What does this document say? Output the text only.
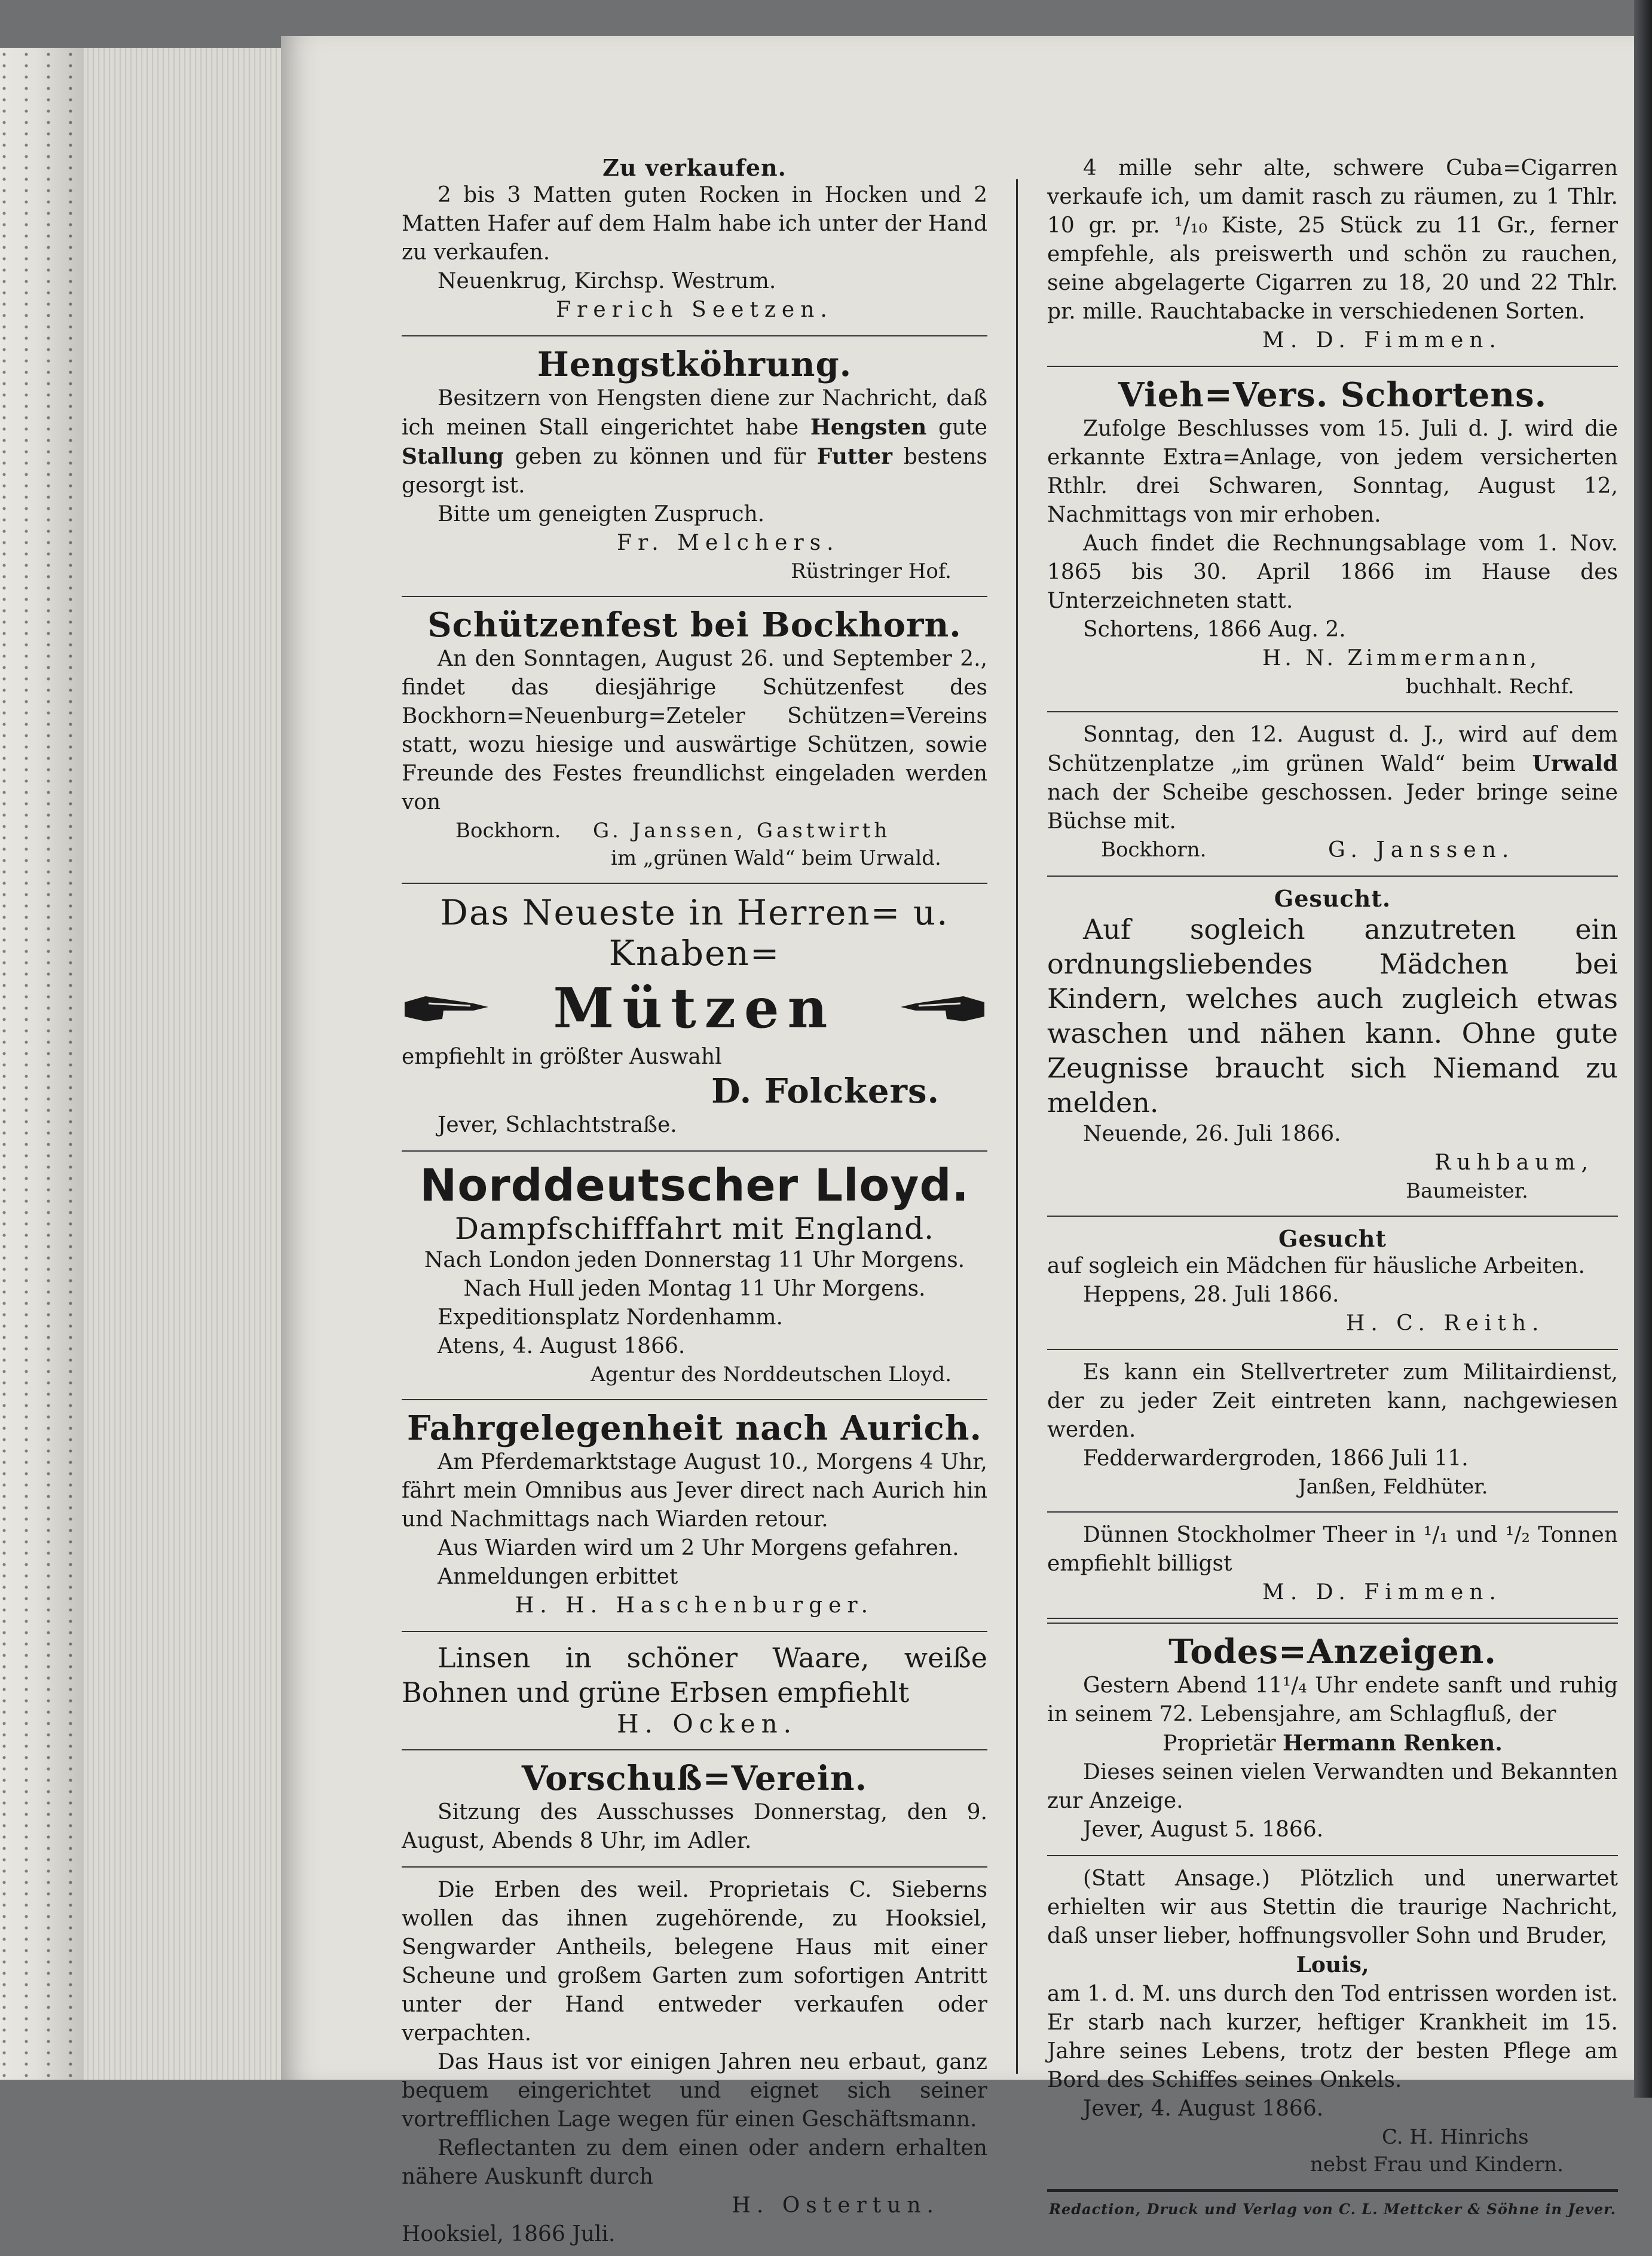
Zu verkaufen.

2 bis 3 Matten guten Rocken in Hocken und 2 Matten Hafer auf dem Halm habe ich unter der Hand zu verkaufen.

Neuenkrug, Kirchsp. Westrum.

Frerich Seetzen.
Hengstköhrung.

Besitzern von Hengsten diene zur Nachricht, daß ich meinen Stall eingerichtet habe Hengsten gute Stallung geben zu können und für Futter bestens gesorgt ist.

Bitte um geneigten Zuspruch.

Fr. Melchers.
Rüstringer Hof.
Schützenfest bei Bockhorn.

An den Sonntagen, August 26. und September 2., findet das diesjährige Schützenfest des Bockhorn=Neuenburg=Zeteler Schützen=Vereins statt, wozu hiesige und auswärtige Schützen, sowie Freunde des Festes freundlichst eingeladen werden von

Bockhorn.	G. Janssen, Gastwirth
im „grünen Wald“ beim Urwald.
Das Neueste in Herren= u. Knaben=
Mützen

empfiehlt in größter Auswahl

D. Folckers.

Jever, Schlachtstraße.

Norddeutscher Lloyd.
Dampfschifffahrt mit England.

Nach London jeden Donnerstag 11 Uhr Morgens.

Nach Hull jeden Montag 11 Uhr Morgens.

Expeditionsplatz Nordenhamm.

Atens, 4. August 1866.

Agentur des Norddeutschen Lloyd.
Fahrgelegenheit nach Aurich.

Am Pferdemarktstage August 10., Morgens 4 Uhr, fährt mein Omnibus aus Jever direct nach Aurich hin und Nachmittags nach Wiarden retour.

Aus Wiarden wird um 2 Uhr Morgens gefahren.

Anmeldungen erbittet

H. H. Haschenburger.

Linsen in schöner Waare, weiße Bohnen und grüne Erbsen empfiehlt

H. Ocken.
Vorschuß=Verein.

Sitzung des Ausschusses Donnerstag, den 9. August, Abends 8 Uhr, im Adler.

Die Erben des weil. Proprietais C. Sieberns wollen das ihnen zugehörende, zu Hooksiel, Sengwarder Antheils, belegene Haus mit einer Scheune und großem Garten zum sofortigen Antritt unter der Hand entweder verkaufen oder verpachten.

Das Haus ist vor einigen Jahren neu erbaut, ganz bequem eingerichtet und eignet sich seiner vortrefflichen Lage wegen für einen Geschäftsmann.

Reflectanten zu dem einen oder andern erhalten nähere Auskunft durch

H. Ostertun.

Hooksiel, 1866 Juli.

4 mille sehr alte, schwere Cuba=Cigarren verkaufe ich, um damit rasch zu räumen, zu 1 Thlr. 10 gr. pr. ¹/₁₀ Kiste, 25 Stück zu 11 Gr., ferner empfehle, als preiswerth und schön zu rauchen, seine abgelagerte Cigarren zu 18, 20 und 22 Thlr. pr. mille. Rauchtabacke in verschiedenen Sorten.

M. D. Fimmen.
Vieh=Vers. Schortens.

Zufolge Beschlusses vom 15. Juli d. J. wird die erkannte Extra=Anlage, von jedem versicherten Rthlr. drei Schwaren, Sonntag, August 12, Nachmittags von mir erhoben.

Auch findet die Rechnungsablage vom 1. Nov. 1865 bis 30. April 1866 im Hause des Unterzeichneten statt.

Schortens, 1866 Aug. 2.

H. N. Zimmermann,
buchhalt. Rechf.

Sonntag, den 12. August d. J., wird auf dem Schützenplatze „im grünen Wald“ beim Urwald nach der Scheibe geschossen. Jeder bringe seine Büchse mit.

Bockhorn.	G. Janssen.
Gesucht.

Auf sogleich anzutreten ein ordnungsliebendes Mädchen bei Kindern, welches auch zugleich etwas waschen und nähen kann. Ohne gute Zeugnisse braucht sich Niemand zu melden.

Neuende, 26. Juli 1866.

Ruhbaum,
Baumeister.
Gesucht

auf sogleich ein Mädchen für häusliche Arbeiten.

Heppens, 28. Juli 1866.

H. C. Reith.

Es kann ein Stellvertreter zum Militairdienst, der zu jeder Zeit eintreten kann, nachgewiesen werden.

Fedderwardergroden, 1866 Juli 11.

Janßen, Feldhüter.

Dünnen Stockholmer Theer in ¹/₁ und ¹/₂ Tonnen empfiehlt billigst

M. D. Fimmen.
Todes=Anzeigen.

Gestern Abend 11¹/₄ Uhr endete sanft und ruhig in seinem 72. Lebensjahre, am Schlagfluß, der

Proprietär Hermann Renken.

Dieses seinen vielen Verwandten und Bekannten zur Anzeige.

Jever, August 5. 1866.

(Statt Ansage.) Plötzlich und unerwartet erhielten wir aus Stettin die traurige Nachricht, daß unser lieber, hoffnungsvoller Sohn und Bruder,

Louis,

am 1. d. M. uns durch den Tod entrissen worden ist. Er starb nach kurzer, heftiger Krankheit im 15. Jahre seines Lebens, trotz der besten Pflege am Bord des Schiffes seines Onkels.

Jever, 4. August 1866.

C. H. Hinrichs
nebst Frau und Kindern.
Redaction, Druck und Verlag von C. L. Mettcker & Söhne in Jever.
